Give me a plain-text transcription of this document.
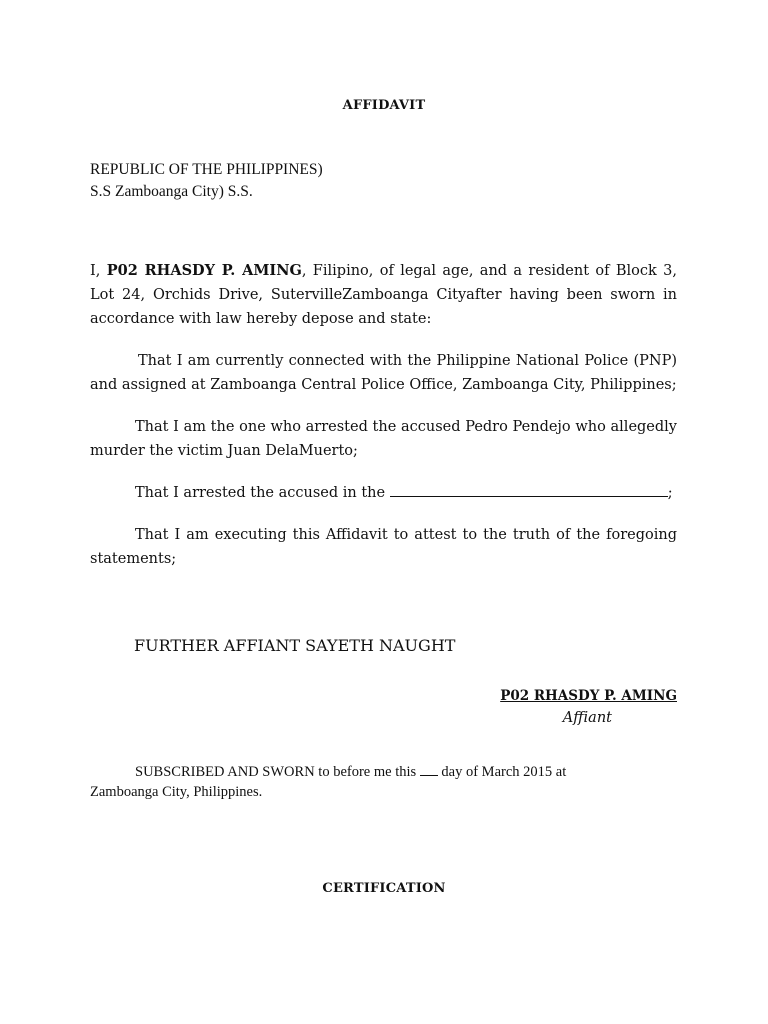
AFFIDAVIT
REPUBLIC OF THE PHILIPPINES)
S.S Zamboanga City) S.S.
I, P02 RHASDY P. AMING, Filipino, of legal age, and a resident of Block 3, Lot 24, Orchids Drive, SutervilleZamboanga Cityafter having been sworn in accordance with law hereby depose and state:
That I am currently connected with the Philippine National Police (PNP) and assigned at Zamboanga Central Police Office, Zamboanga City, Philippines;
That I am the one who arrested the accused Pedro Pendejo who allegedly murder the victim Juan DelaMuerto;
That I arrested the accused in the	;
That I am executing this Affidavit to attest to the truth of the foregoing statements;
FURTHER AFFIANT SAYETH NAUGHT
P02 RHASDY P. AMING
Affiant
SUBSCRIBED AND SWORN to before me this  day of March 2015 at
Zamboanga City, Philippines.
CERTIFICATION
